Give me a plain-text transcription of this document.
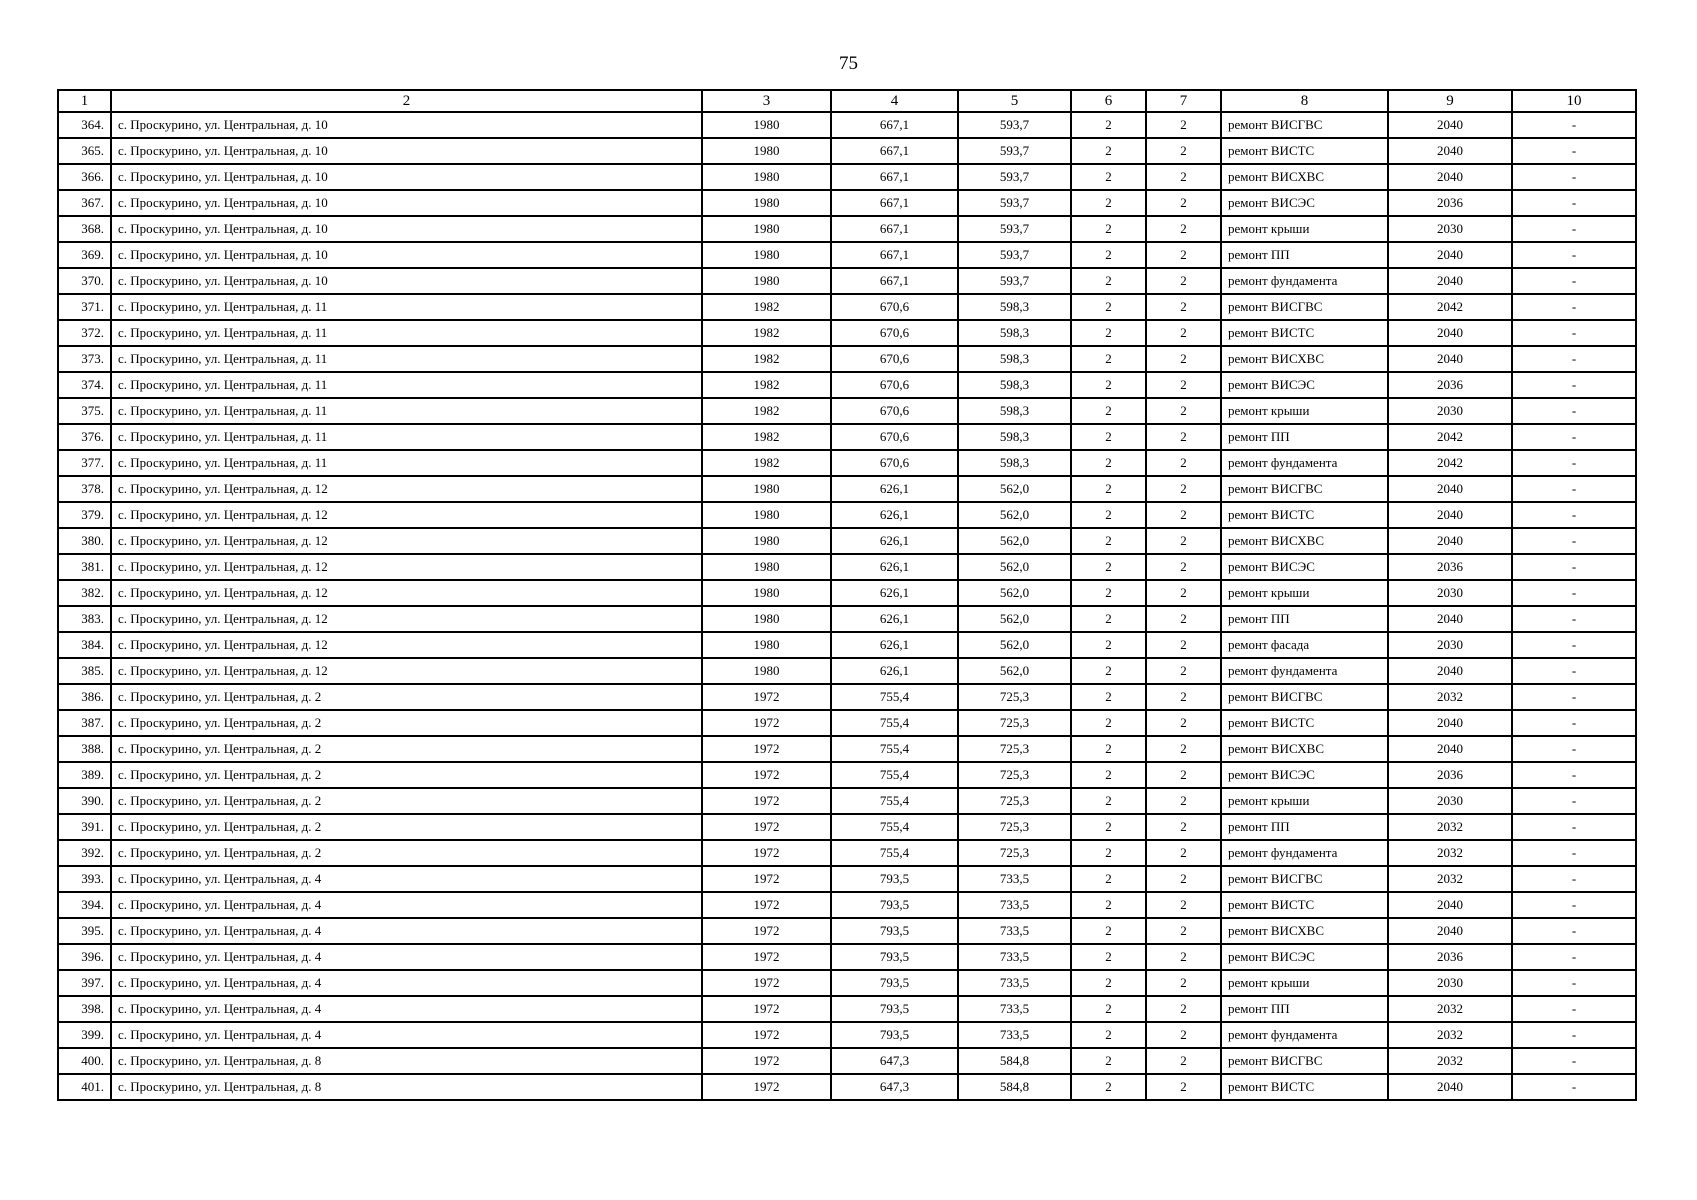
75
1	2	3	4	5	6	7	8	9	10
364.	с. Проскурино, ул. Центральная, д. 10	1980	667,1	593,7	2	2	ремонт ВИСГВС	2040	-
365.	с. Проскурино, ул. Центральная, д. 10	1980	667,1	593,7	2	2	ремонт ВИСТС	2040	-
366.	с. Проскурино, ул. Центральная, д. 10	1980	667,1	593,7	2	2	ремонт ВИСХВС	2040	-
367.	с. Проскурино, ул. Центральная, д. 10	1980	667,1	593,7	2	2	ремонт ВИСЭС	2036	-
368.	с. Проскурино, ул. Центральная, д. 10	1980	667,1	593,7	2	2	ремонт крыши	2030	-
369.	с. Проскурино, ул. Центральная, д. 10	1980	667,1	593,7	2	2	ремонт ПП	2040	-
370.	с. Проскурино, ул. Центральная, д. 10	1980	667,1	593,7	2	2	ремонт фундамента	2040	-
371.	с. Проскурино, ул. Центральная, д. 11	1982	670,6	598,3	2	2	ремонт ВИСГВС	2042	-
372.	с. Проскурино, ул. Центральная, д. 11	1982	670,6	598,3	2	2	ремонт ВИСТС	2040	-
373.	с. Проскурино, ул. Центральная, д. 11	1982	670,6	598,3	2	2	ремонт ВИСХВС	2040	-
374.	с. Проскурино, ул. Центральная, д. 11	1982	670,6	598,3	2	2	ремонт ВИСЭС	2036	-
375.	с. Проскурино, ул. Центральная, д. 11	1982	670,6	598,3	2	2	ремонт крыши	2030	-
376.	с. Проскурино, ул. Центральная, д. 11	1982	670,6	598,3	2	2	ремонт ПП	2042	-
377.	с. Проскурино, ул. Центральная, д. 11	1982	670,6	598,3	2	2	ремонт фундамента	2042	-
378.	с. Проскурино, ул. Центральная, д. 12	1980	626,1	562,0	2	2	ремонт ВИСГВС	2040	-
379.	с. Проскурино, ул. Центральная, д. 12	1980	626,1	562,0	2	2	ремонт ВИСТС	2040	-
380.	с. Проскурино, ул. Центральная, д. 12	1980	626,1	562,0	2	2	ремонт ВИСХВС	2040	-
381.	с. Проскурино, ул. Центральная, д. 12	1980	626,1	562,0	2	2	ремонт ВИСЭС	2036	-
382.	с. Проскурино, ул. Центральная, д. 12	1980	626,1	562,0	2	2	ремонт крыши	2030	-
383.	с. Проскурино, ул. Центральная, д. 12	1980	626,1	562,0	2	2	ремонт ПП	2040	-
384.	с. Проскурино, ул. Центральная, д. 12	1980	626,1	562,0	2	2	ремонт фасада	2030	-
385.	с. Проскурино, ул. Центральная, д. 12	1980	626,1	562,0	2	2	ремонт фундамента	2040	-
386.	с. Проскурино, ул. Центральная, д. 2	1972	755,4	725,3	2	2	ремонт ВИСГВС	2032	-
387.	с. Проскурино, ул. Центральная, д. 2	1972	755,4	725,3	2	2	ремонт ВИСТС	2040	-
388.	с. Проскурино, ул. Центральная, д. 2	1972	755,4	725,3	2	2	ремонт ВИСХВС	2040	-
389.	с. Проскурино, ул. Центральная, д. 2	1972	755,4	725,3	2	2	ремонт ВИСЭС	2036	-
390.	с. Проскурино, ул. Центральная, д. 2	1972	755,4	725,3	2	2	ремонт крыши	2030	-
391.	с. Проскурино, ул. Центральная, д. 2	1972	755,4	725,3	2	2	ремонт ПП	2032	-
392.	с. Проскурино, ул. Центральная, д. 2	1972	755,4	725,3	2	2	ремонт фундамента	2032	-
393.	с. Проскурино, ул. Центральная, д. 4	1972	793,5	733,5	2	2	ремонт ВИСГВС	2032	-
394.	с. Проскурино, ул. Центральная, д. 4	1972	793,5	733,5	2	2	ремонт ВИСТС	2040	-
395.	с. Проскурино, ул. Центральная, д. 4	1972	793,5	733,5	2	2	ремонт ВИСХВС	2040	-
396.	с. Проскурино, ул. Центральная, д. 4	1972	793,5	733,5	2	2	ремонт ВИСЭС	2036	-
397.	с. Проскурино, ул. Центральная, д. 4	1972	793,5	733,5	2	2	ремонт крыши	2030	-
398.	с. Проскурино, ул. Центральная, д. 4	1972	793,5	733,5	2	2	ремонт ПП	2032	-
399.	с. Проскурино, ул. Центральная, д. 4	1972	793,5	733,5	2	2	ремонт фундамента	2032	-
400.	с. Проскурино, ул. Центральная, д. 8	1972	647,3	584,8	2	2	ремонт ВИСГВС	2032	-
401.	с. Проскурино, ул. Центральная, д. 8	1972	647,3	584,8	2	2	ремонт ВИСТС	2040	-
